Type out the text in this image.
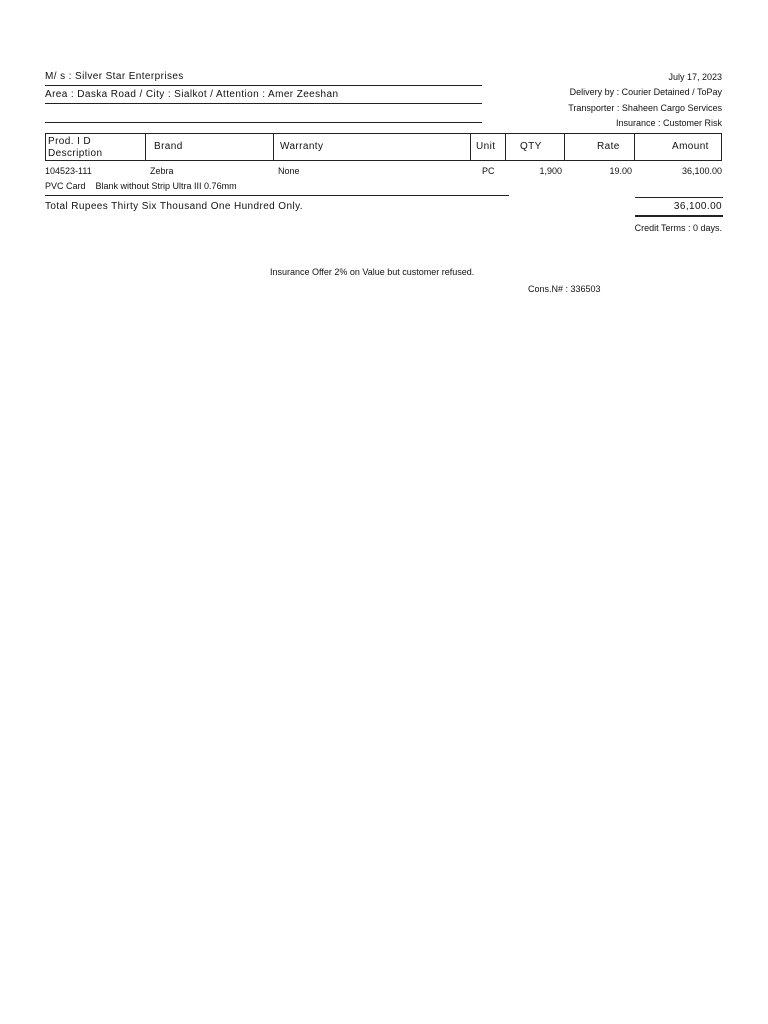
M/ s : Silver Star Enterprises
Area : Daska Road / City : Sialkot / Attention : Amer Zeeshan
July 17, 2023
Delivery by : Courier Detained / ToPay
Transporter : Shaheen Cargo Services
Insurance : Customer Risk
Prod. I D
Description
Brand	Warranty	Unit QTY	Rate	Amount
104523-111	Zebra	None	PC	1,900	19.00	36,100.00
PVC Card    Blank without Strip Ultra III 0.76mm
Total Rupees Thirty Six Thousand One Hundred Only.	36,100.00
Credit Terms : 0 days.
Insurance Offer 2% on Value but customer refused.
Cons.N# : 336503
